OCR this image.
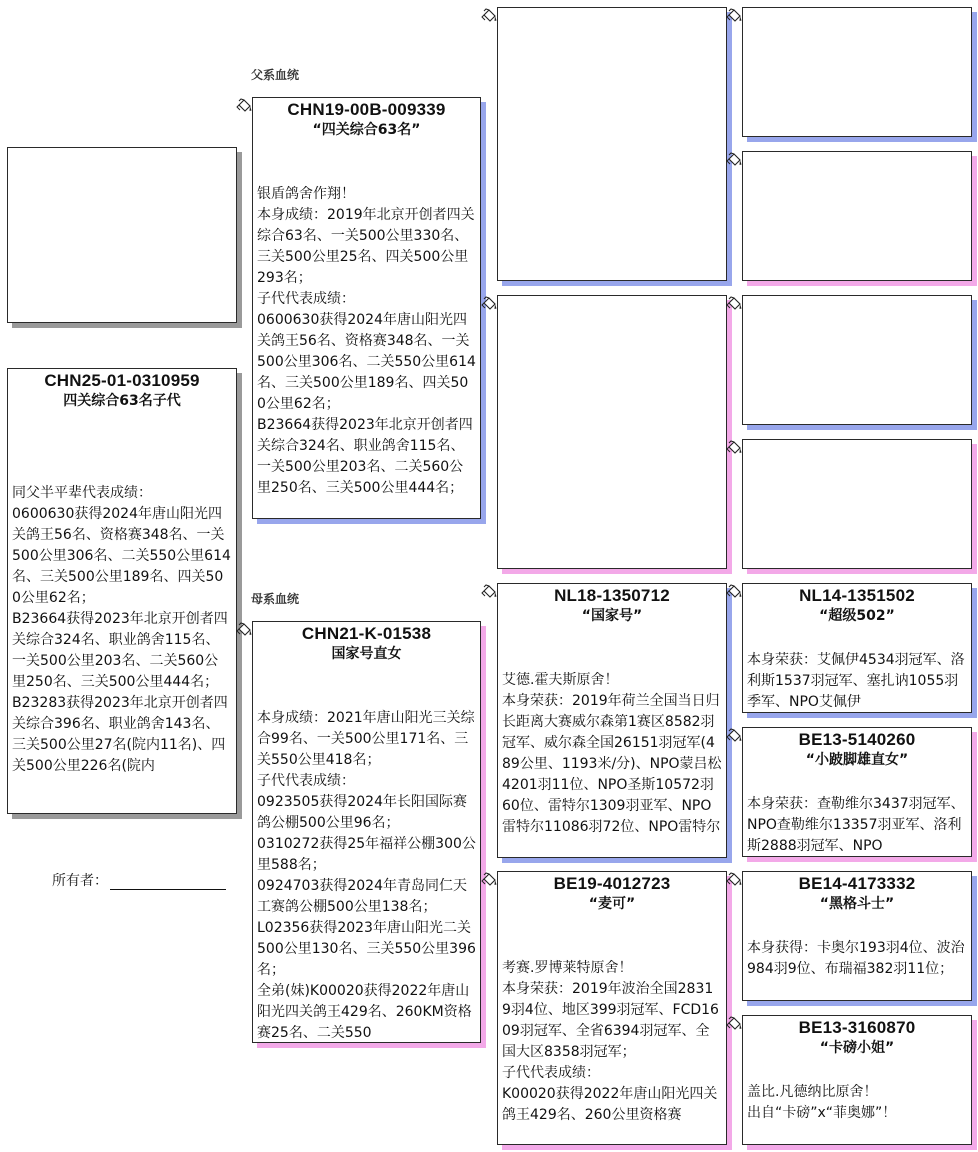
父系血统
母系血统
CHN25-01-0310959
四关综合63名子代
同父半平辈代表成绩：
0600630获得2024年唐山阳光四关鸽王56名、资格赛348名、一关500公里306名、二关550公里614名、三关500公里189名、四关500公里62名；
B23664获得2023年北京开创者四关综合324名、职业鸽舍115名、一关500公里203名、二关560公里250名、三关500公里444名；
B23283获得2023年北京开创者四关综合396名、职业鸽舍143名、三关500公里27名(院内11名)、四关500公里226名(院内
所有者：
CHN19-00B-009339
“四关综合63名”
银盾鸽舍作翔！
本身成绩：2019年北京开创者四关综合63名、一关500公里330名、三关500公里25名、四关500公里293名；
子代代表成绩：
0600630获得2024年唐山阳光四关鸽王56名、资格赛348名、一关500公里306名、二关550公里614名、三关500公里189名、四关500公里62名；
B23664获得2023年北京开创者四关综合324名、职业鸽舍115名、一关500公里203名、二关560公里250名、三关500公里444名；
CHN21-K-01538
国家号直女
本身成绩：2021年唐山阳光三关综合99名、一关500公里171名、三关550公里418名；
子代代表成绩：
0923505获得2024年长阳国际赛鸽公棚500公里96名；
0310272获得25年福祥公棚300公里588名；
0924703获得2024年青岛同仁天工赛鸽公棚500公里138名；
L02356获得2023年唐山阳光二关500公里130名、三关550公里396名；
全弟(妹)K00020获得2022年唐山阳光四关鸽王429名、260KM资格赛25名、二关550
NL18-1350712
“国家号”
艾德.霍夫斯原舍！
本身荣获：2019年荷兰全国当日归长距离大赛威尔森第1赛区8582羽冠军、威尔森全国26151羽冠军(489公里、1193米/分)、NPO蒙吕松4201羽11位、NPO圣斯10572羽60位、雷特尔1309羽亚军、NPO雷特尔11086羽72位、NPO雷特尔
BE19-4012723
“麦可”
考赛.罗博莱特原舍！
本身荣获：2019年波治全国28319羽4位、地区399羽冠军、FCD1609羽冠军、全省6394羽冠军、全国大区8358羽冠军；
子代代表成绩：
K00020获得2022年唐山阳光四关鸽王429名、260公里资格赛
NL14-1351502
“超级502”
本身荣获：艾佩伊4534羽冠军、洛利斯1537羽冠军、塞扎讷1055羽季军、NPO艾佩伊
BE13-5140260
“小跛脚雄直女”
本身荣获：查勒维尔3437羽冠军、NPO查勒维尔13357羽亚军、洛利斯2888羽冠军、NPO
BE14-4173332
“黑格斗士”
本身获得：卡奥尔193羽4位、波治984羽9位、布瑞福382羽11位；
BE13-3160870
“卡磅小姐”
盖比.凡德纳比原舍！
出自“卡磅”x“菲奥娜”！
